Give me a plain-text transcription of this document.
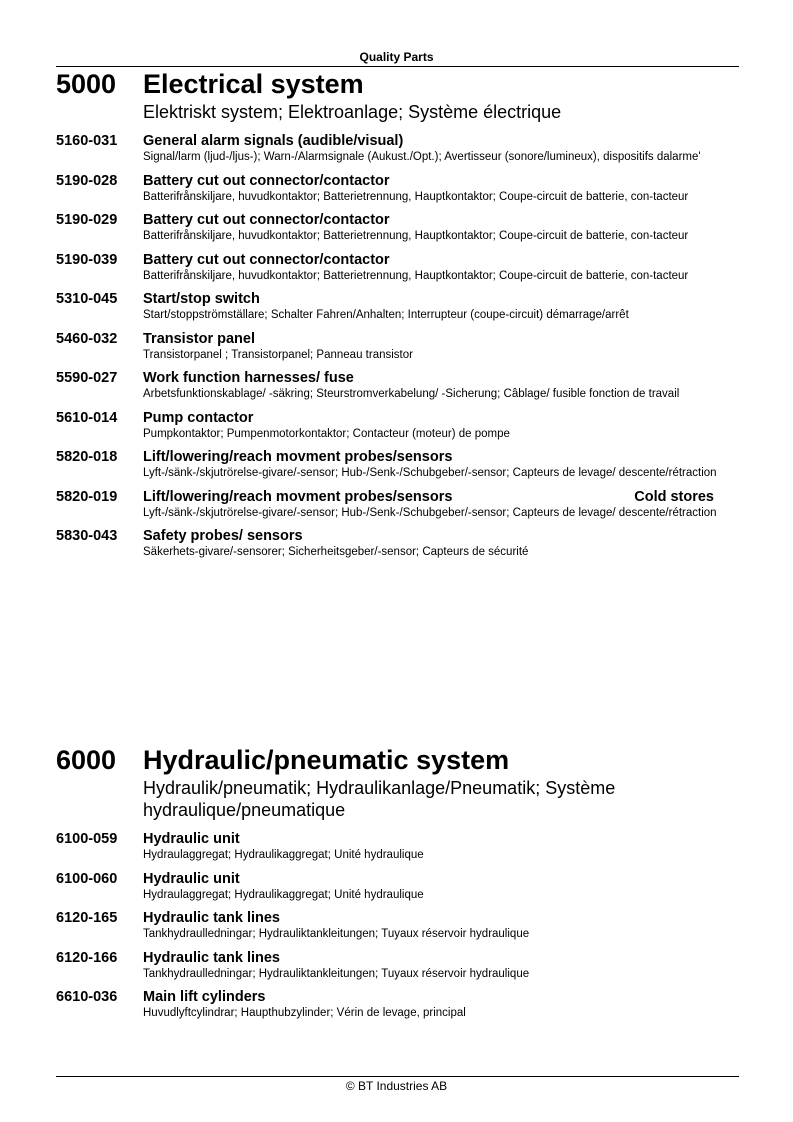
Quality Parts
5000 Electrical system
Elektriskt system; Elektroanlage; Système électrique
5160-031	General alarm signals (audible/visual)
Signal/larm (ljud-/ljus-); Warn-/Alarmsignale (Aukust./Opt.); Avertisseur (sonore/lumineux), dispositifs dalarme'
5190-028	Battery cut out connector/contactor
Batterifrånskiljare, huvudkontaktor; Batterietrennung, Hauptkontaktor; Coupe-circuit de batterie, con-tacteur
5190-029	Battery cut out connector/contactor
Batterifrånskiljare, huvudkontaktor; Batterietrennung, Hauptkontaktor; Coupe-circuit de batterie, con-tacteur
5190-039	Battery cut out connector/contactor
Batterifrånskiljare, huvudkontaktor; Batterietrennung, Hauptkontaktor; Coupe-circuit de batterie, con-tacteur
5310-045	Start/stop switch
Start/stoppströmställare; Schalter Fahren/Anhalten; Interrupteur (coupe-circuit) démarrage/arrêt
5460-032	Transistor panel
Transistorpanel ; Transistorpanel; Panneau transistor
5590-027	Work function harnesses/ fuse
Arbetsfunktionskablage/ -säkring; Steurstromverkabelung/ -Sicherung; Câblage/ fusible fonction de travail
5610-014	Pump contactor
Pumpkontaktor; Pumpenmotorkontaktor; Contacteur (moteur) de pompe
5820-018	Lift/lowering/reach movment probes/sensors
Lyft-/sänk-/skjutrörelse-givare/-sensor; Hub-/Senk-/Schubgeber/-sensor; Capteurs de levage/ descente/rétraction
5820-019	Lift/lowering/reach movment probes/sensors	Cold stores
Lyft-/sänk-/skjutrörelse-givare/-sensor; Hub-/Senk-/Schubgeber/-sensor; Capteurs de levage/ descente/rétraction
5830-043	Safety probes/ sensors
Säkerhets-givare/-sensorer; Sicherheitsgeber/-sensor; Capteurs de sécurité
6000 Hydraulic/pneumatic system
Hydraulik/pneumatik; Hydraulikanlage/Pneumatik; Système hydraulique/pneumatique
6100-059	Hydraulic unit
Hydraulaggregat; Hydraulikaggregat; Unité hydraulique
6100-060	Hydraulic unit
Hydraulaggregat; Hydraulikaggregat; Unité hydraulique
6120-165	Hydraulic tank lines
Tankhydraulledningar; Hydrauliktankleitungen; Tuyaux réservoir hydraulique
6120-166	Hydraulic tank lines
Tankhydraulledningar; Hydrauliktankleitungen; Tuyaux réservoir hydraulique
6610-036	Main lift cylinders
Huvudlyftcylindrar; Haupthubzylinder; Vérin de levage, principal
© BT Industries AB
